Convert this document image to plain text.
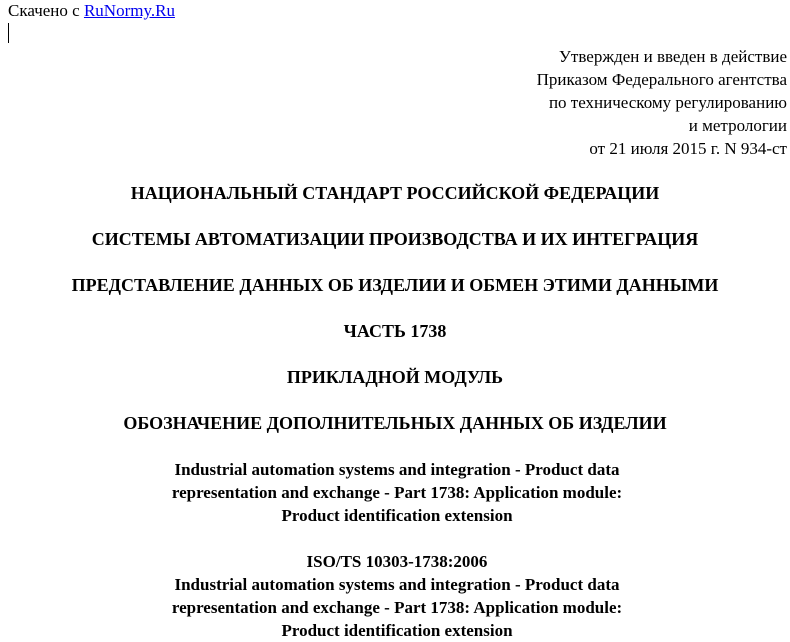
Скачено с RuNormy.Ru
Утвержден и введен в действие
Приказом Федерального агентства
по техническому регулированию
и метрологии
от 21 июля 2015 г. N 934-ст
НАЦИОНАЛЬНЫЙ СТАНДАРТ РОССИЙСКОЙ ФЕДЕРАЦИИ
СИСТЕМЫ АВТОМАТИЗАЦИИ ПРОИЗВОДСТВА И ИХ ИНТЕГРАЦИЯ
ПРЕДСТАВЛЕНИЕ ДАННЫХ ОБ ИЗДЕЛИИ И ОБМЕН ЭТИМИ ДАННЫМИ
ЧАСТЬ 1738
ПРИКЛАДНОЙ МОДУЛЬ
ОБОЗНАЧЕНИЕ ДОПОЛНИТЕЛЬНЫХ ДАННЫХ ОБ ИЗДЕЛИИ
Industrial automation systems and integration - Product data
representation and exchange - Part 1738: Application module:
Product identification extension
ISO/TS 10303-1738:2006
Industrial automation systems and integration - Product data
representation and exchange - Part 1738: Application module:
Product identification extension
